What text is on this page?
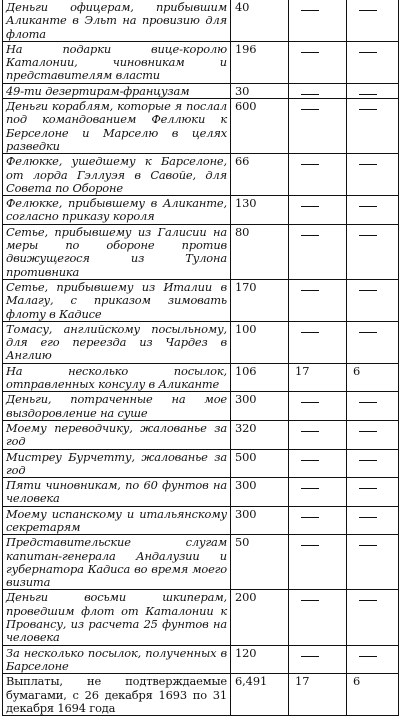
Деньги офицерам, прибывшим Аликанте в Эльт на провизию для флота	40		
На подарки вице-королю Каталонии, чиновникам и представителям власти	196		
49-ти дезертирам-французам	30		
Деньги кораблям, которые я послал под командованием Феллюки к Берселоне и Марселю в целях разведки	600		
Фелюкке, ушедшему к Барселоне, от лорда Гэллуэя в Савойе, для Совета по Обороне	66		
Фелюкке, прибывшему в Аликанте, согласно приказу короля	130		
Сетье, прибывшему из Галисии на меры по обороне против движущегося из Тулона противника	80		
Сетье, прибывшему из Италии в Малагу, с приказом зимовать флоту в Кадисе	170		
Томасу, английскому посыльному, для его переезда из Чардез в Англию	100		
На несколько посылок, отправленных консулу в Аликанте	106	17	6
Деньги, потраченные на мое выздоровление на суше	300		
Моему переводчику, жалованье за год	320		
Мистреу Бурчетту, жалованье за год	500		
Пяти чиновникам, по 60 фунтов на человека	300		
Моему испанскому и итальянскому секретарям	300		
Представительские слугам капитан-генерала Андалузии и губернатора Кадиса во время моего визита	50		
Деньги восьми шкиперам, проведшим флот от Каталонии к Провансу, из расчета 25 фунтов на человека	200		
За несколько посылок, полученных в Барселоне	120		
Выплаты, не подтверждаемые бумагами, с 26 декабря 1693 по 31 декабря 1694 года	6,491	17	6
